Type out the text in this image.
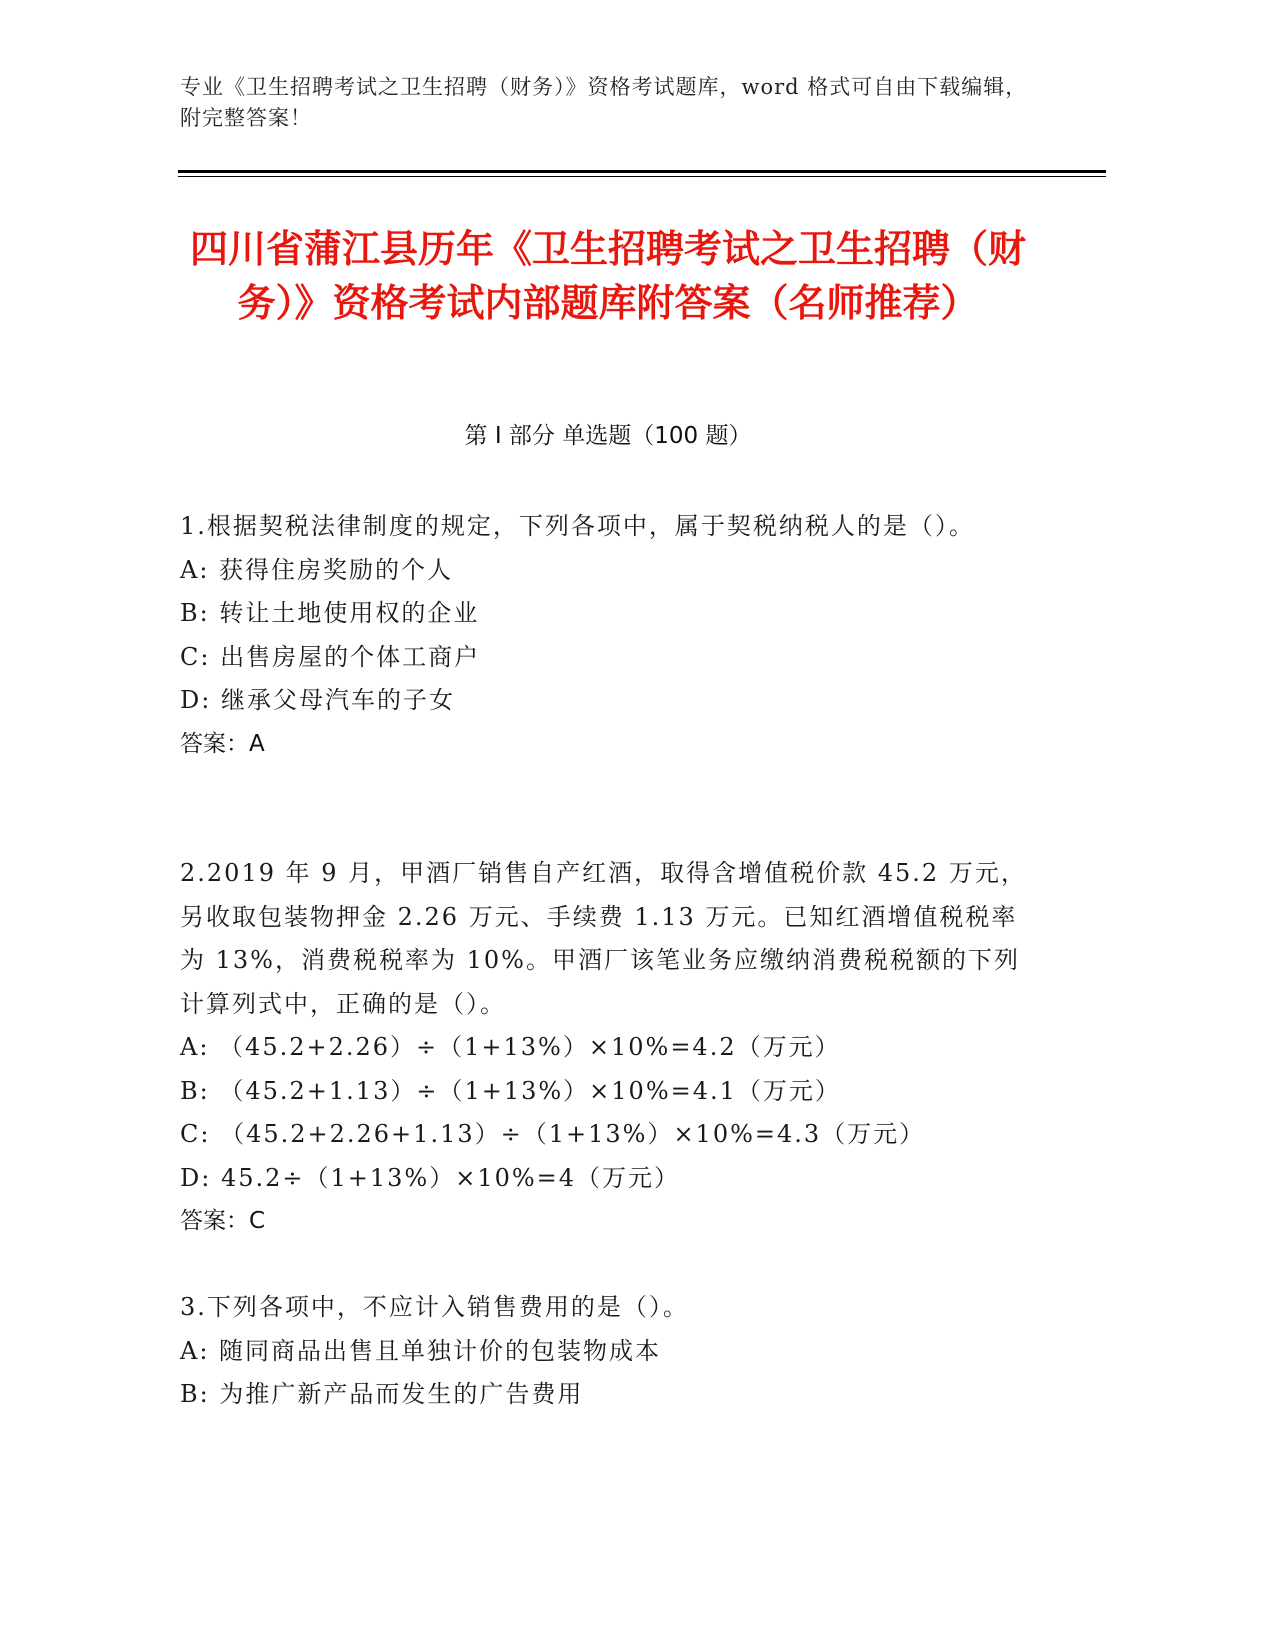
专业《卫生招聘考试之卫生招聘（财务）》资格考试题库，word 格式可自由下载编辑，附完整答案！
四川省蒲江县历年《卫生招聘考试之卫生招聘（财务）》资格考试内部题库附答案（名师推荐）
第 I 部分 单选题（100 题）
1.根据契税法律制度的规定，下列各项中，属于契税纳税人的是（）。
A: 获得住房奖励的个人
B: 转让土地使用权的企业
C: 出售房屋的个体工商户
D: 继承父母汽车的子女
答案：A
2.2019 年 9 月，甲酒厂销售自产红酒，取得含增值税价款 45.2 万元，另收取包装物押金 2.26 万元、手续费 1.13 万元。已知红酒增值税税率为 13%，消费税税率为 10%。甲酒厂该笔业务应缴纳消费税税额的下列计算列式中，正确的是（）。
A: （45.2+2.26）÷（1+13%）×10%=4.2（万元）
B: （45.2+1.13）÷（1+13%）×10%=4.1（万元）
C: （45.2+2.26+1.13）÷（1+13%）×10%=4.3（万元）
D: 45.2÷（1+13%）×10%=4（万元）
答案：C
3.下列各项中，不应计入销售费用的是（）。
A: 随同商品出售且单独计价的包装物成本
B: 为推广新产品而发生的广告费用
